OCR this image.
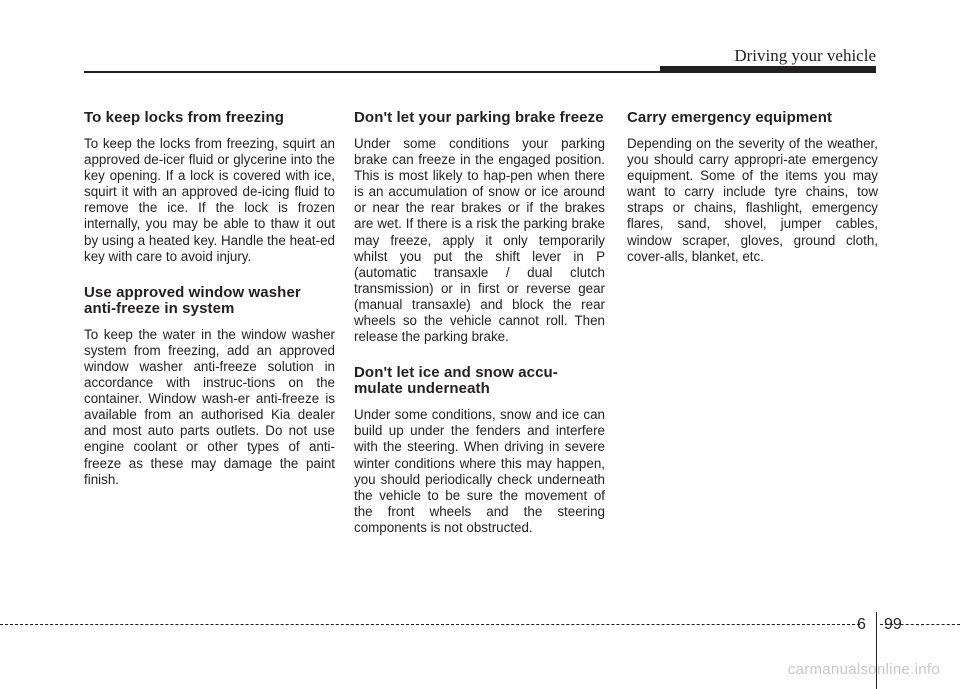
Driving your vehicle
To keep locks from freezing

To keep the locks from freezing, squirt an approved de-icer fluid or glycerine into the key opening. If a lock is covered with ice, squirt it with an approved de-icing fluid to remove the ice. If the lock is frozen internally, you may be able to thaw it out by using a heated key. Handle the heat-ed key with care to avoid injury.

Use approved window washer anti-freeze in system

To keep the water in the window washer system from freezing, add an approved window washer anti-freeze solution in accordance with instruc-tions on the container. Window wash-er anti-freeze is available from an authorised Kia dealer and most auto parts outlets. Do not use engine coolant or other types of anti-freeze as these may damage the paint finish.

Don't let your parking brake freeze

Under some conditions your parking brake can freeze in the engaged position. This is most likely to hap-pen when there is an accumulation of snow or ice around or near the rear brakes or if the brakes are wet. If there is a risk the parking brake may freeze, apply it only temporarily whilst you put the shift lever in P (automatic transaxle / dual clutch transmission) or in first or reverse gear (manual transaxle) and block the rear wheels so the vehicle cannot roll. Then release the parking brake.

Don't let ice and snow accu-mulate underneath

Under some conditions, snow and ice can build up under the fenders and interfere with the steering. When driving in severe winter conditions where this may happen, you should periodically check underneath the vehicle to be sure the movement of the front wheels and the steering components is not obstructed.

Carry emergency equipment

Depending on the severity of the weather, you should carry appropri-ate emergency equipment. Some of the items you may want to carry include tyre chains, tow straps or chains, flashlight, emergency flares, sand, shovel, jumper cables, window scraper, gloves, ground cloth, cover-alls, blanket, etc.

6 99
carmanualsonline.info
